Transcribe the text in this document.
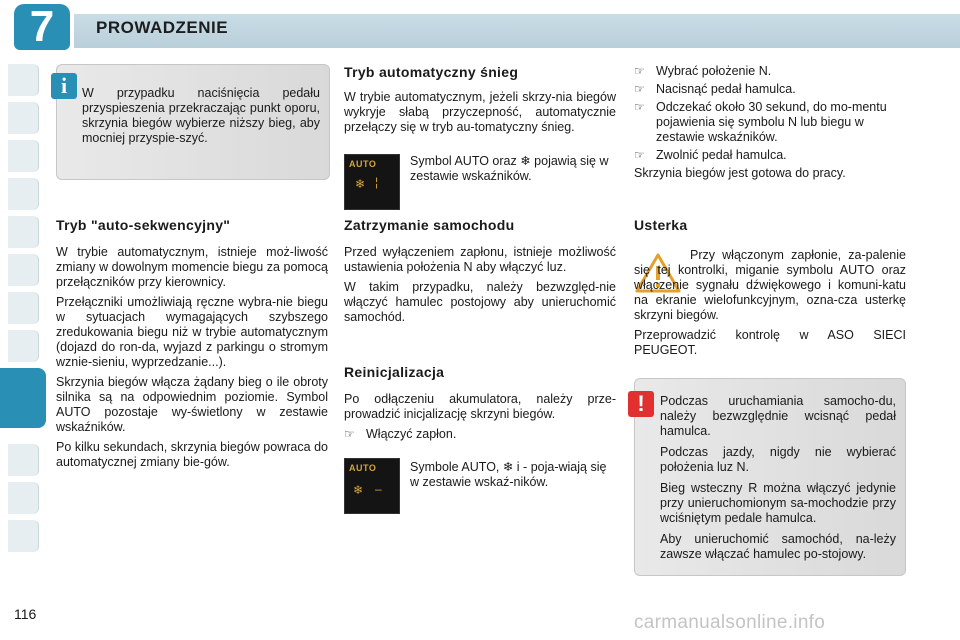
7	PROWADZENIE
i	W przypadku naciśnięcia pedału przyspieszenia przekraczając punkt oporu, skrzynia biegów wybierze niższy bieg, aby mocniej przyspie-szyć.
Tryb "auto-sekwencyjny"

W trybie automatycznym, istnieje moż-liwość zmiany w dowolnym momencie biegu za pomocą przełączników przy kierownicy.

Przełączniki umożliwiają ręczne wybra-nie biegu w sytuacjach wymagających szybszego zredukowania biegu niż w trybie automatycznym (dojazd do ron-da, wyjazd z parkingu o stromym wznie-sieniu, wyprzedzanie...).

Skrzynia biegów włącza żądany bieg o ile obroty silnika są na odpowiednim poziomie. Symbol AUTO pozostaje wy-świetlony w zestawie wskaźników.

Po kilku sekundach, skrzynia biegów powraca do automatycznej zmiany bie-gów.

Tryb automatyczny śnieg

W trybie automatycznym, jeżeli skrzy-nia biegów wykryje słabą przyczepność, automatycznie przełączy się w tryb au-tomatyczny śnieg.

AUTO
❄ ¦
Symbol AUTO oraz ❄ pojawią się w zestawie wskaźników.
Zatrzymanie samochodu

Przed wyłączeniem zapłonu, istnieje możliwość ustawienia położenia N aby włączyć luz.

W takim przypadku, należy bezwzględ-nie włączyć hamulec postojowy aby unieruchomić samochód.

Reinicjalizacja

Po odłączeniu akumulatora, należy prze-prowadzić inicjalizację skrzyni biegów.

☞ Włączyć zapłon.
AUTO
❄ –
Symbole AUTO, ❄ i - poja-wiają się w zestawie wskaź-ników.
☞ Wybrać położenie N.
☞ Nacisnąć pedał hamulca.
☞ Odczekać około 30 sekund, do mo-mentu pojawienia się symbolu N lub biegu w zestawie wskaźników.
☞ Zwolnić pedał hamulca.

Skrzynia biegów jest gotowa do pracy.

Usterka

Przy włączonym zapłonie, za-palenie się tej kontrolki, miganie symbolu AUTO oraz włączenie sygnału dźwiękowego i komuni-katu na ekranie wielofunkcyjnym, ozna-cza usterkę skrzyni biegów.

Przeprowadzić kontrolę w ASO SIECI PEUGEOT.

!	Podczas uruchamiania samocho-du, należy bezwzględnie wcisnąć pedał hamulca.

Podczas jazdy, nigdy nie wybierać położenia luz N.

Bieg wsteczny R można włączyć jedynie przy unieruchomionym sa-mochodzie przy wciśniętym pedale hamulca.

Aby unieruchomić samochód, na-leży zawsze włączać hamulec po-stojowy.

116	carmanualsonline.info
